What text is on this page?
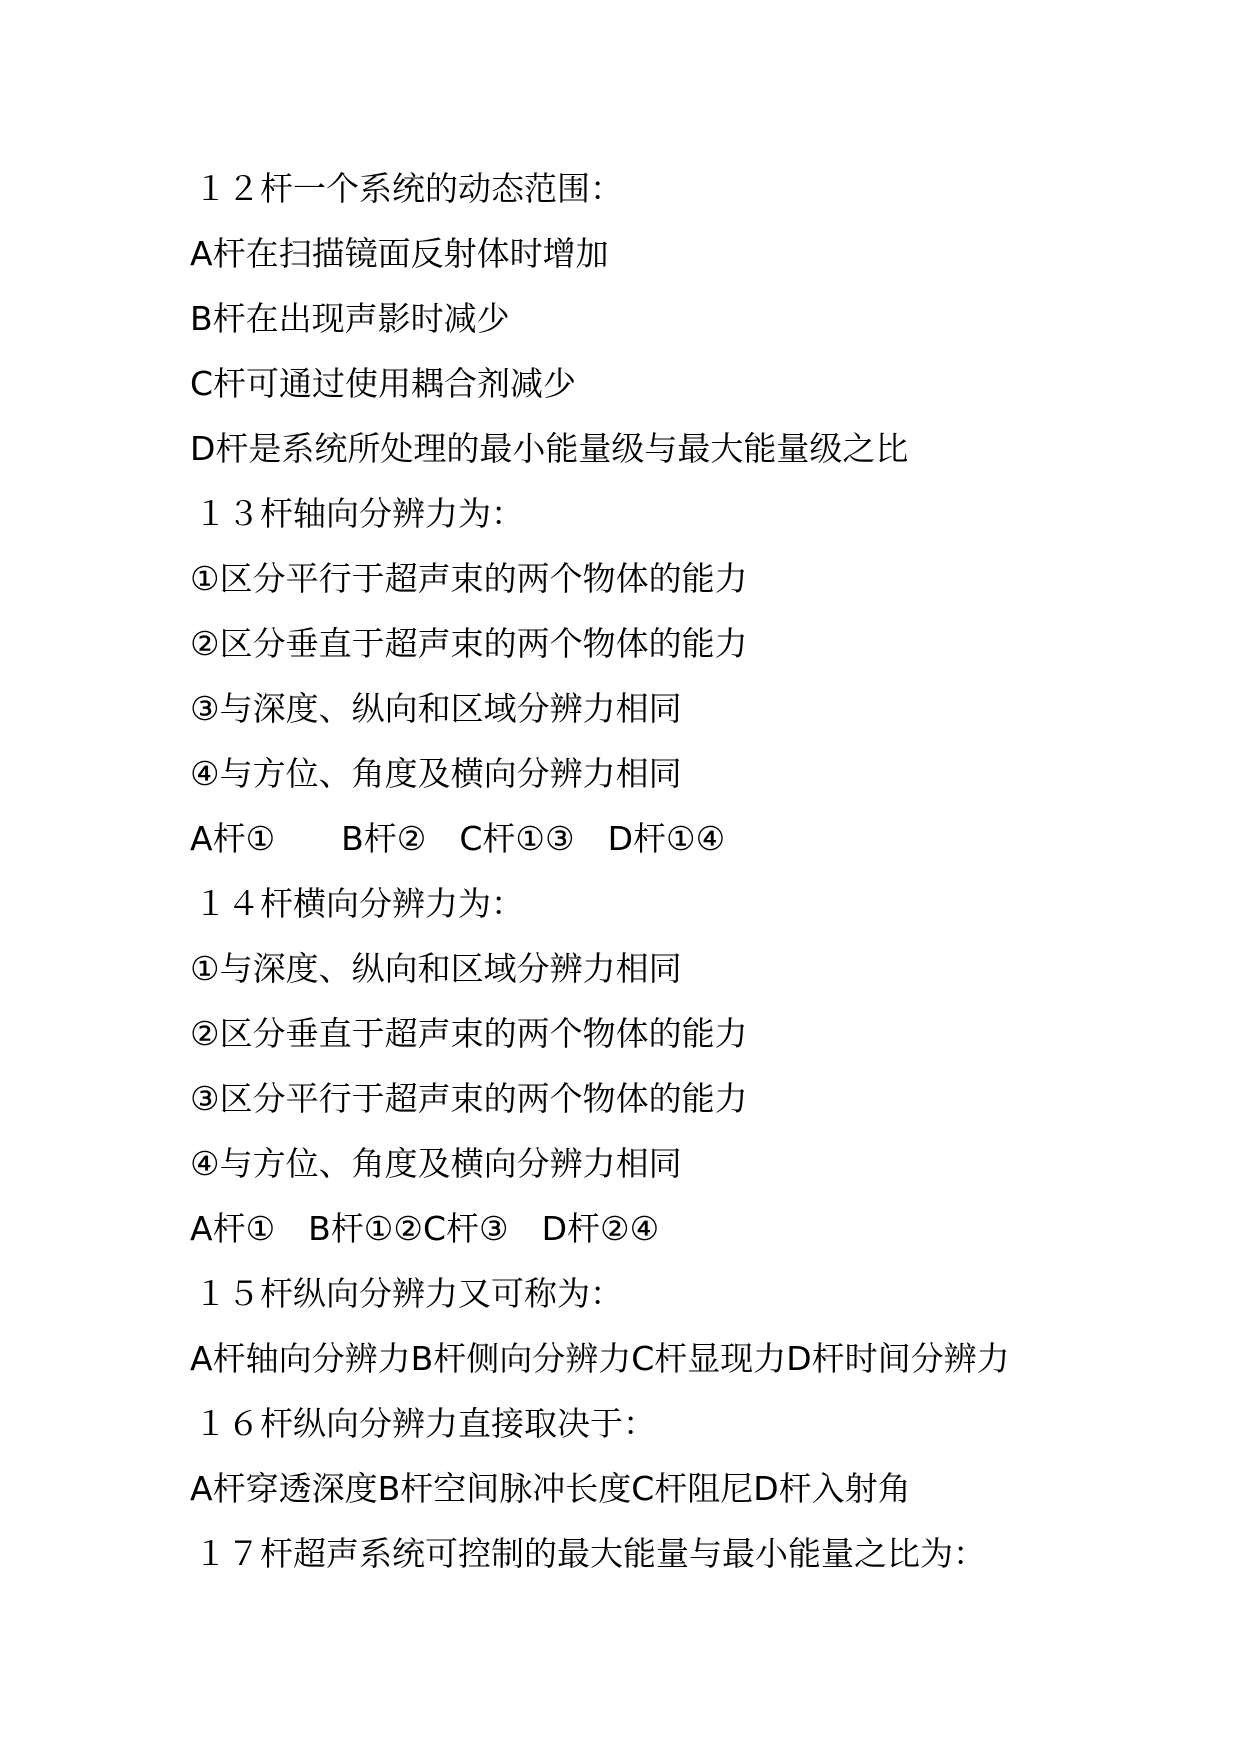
１２杆一个系统的动态范围：
A杆在扫描镜面反射体时增加
B杆在出现声影时减少
C杆可通过使用耦合剂减少
D杆是系统所处理的最小能量级与最大能量级之比
１３杆轴向分辨力为：
①区分平行于超声束的两个物体的能力
②区分垂直于超声束的两个物体的能力
③与深度、纵向和区域分辨力相同
④与方位、角度及横向分辨力相同
A杆①　　B杆②　C杆①③　D杆①④
１４杆横向分辨力为：
①与深度、纵向和区域分辨力相同
②区分垂直于超声束的两个物体的能力
③区分平行于超声束的两个物体的能力
④与方位、角度及横向分辨力相同
A杆①　B杆①②C杆③　D杆②④
１５杆纵向分辨力又可称为：
A杆轴向分辨力B杆侧向分辨力C杆显现力D杆时间分辨力
１６杆纵向分辨力直接取决于：
A杆穿透深度B杆空间脉冲长度C杆阻尼D杆入射角
１７杆超声系统可控制的最大能量与最小能量之比为：
